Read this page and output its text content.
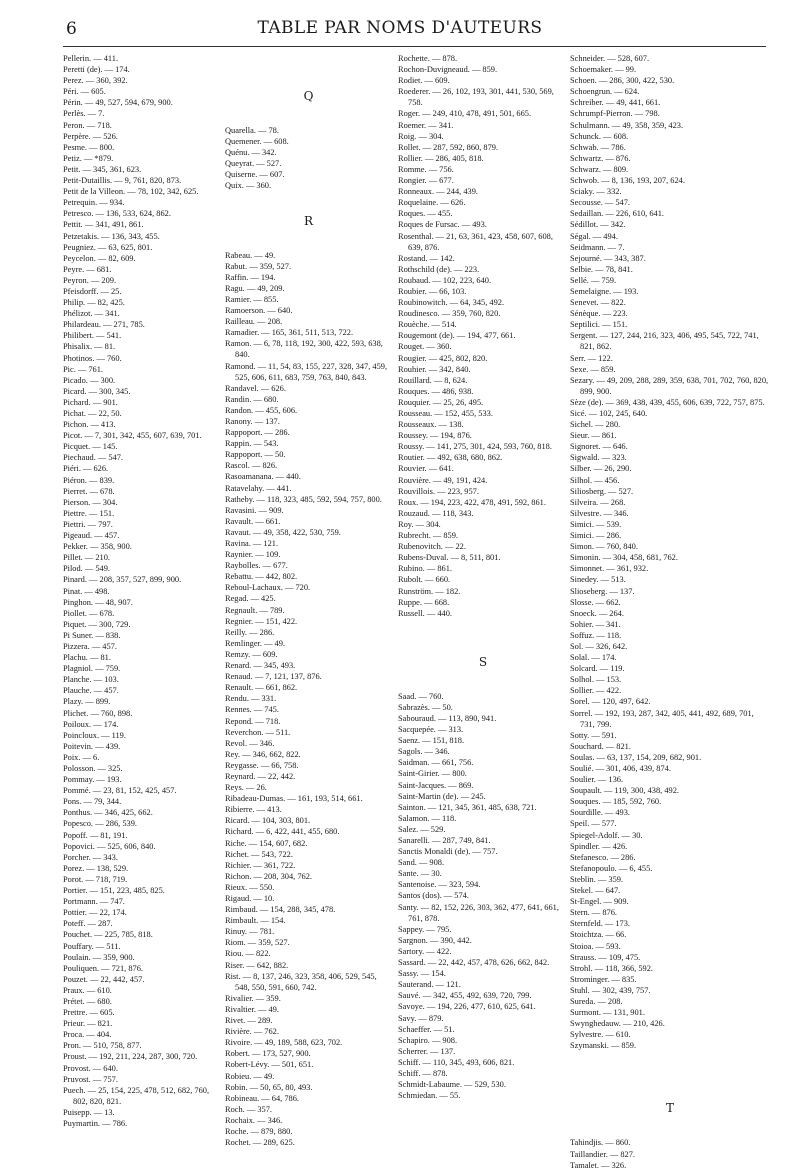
6	TABLE PAR NOMS D'AUTEURS
Pellerin. — 411.
Peretti (de). — 174.
Perez. — 360, 392.
Péri. — 605.
Périn. — 49, 527, 594, 679, 900.
Perlès. — 7.
Peron. — 718.
Perpère. — 526.
Pesme. — 800.
Petiz. — *879.
Petit. — 345, 361, 623.
Petit-Dutaillis. — 9, 761, 820, 873.
Petit de la Villeon. — 78, 102, 342, 625.
Petrequin. — 934.
Petresco. — 136, 533, 624, 862.
Pettit. — 341, 491, 861.
Petzetakis. — 136, 343, 455.
Peugniez. — 63, 625, 801.
Peycelon. — 82, 609.
Peyre. — 681.
Peyron. — 209.
Pfeisdorff. — 25.
Philip. — 82, 425.
Phélizot. — 341.
Philardeau. — 271, 785.
Philibert. — 541.
Phisalix. — 81.
Photinos. — 760.
Pic. — 761.
Picado. — 300.
Picard. — 300, 345.
Pichard. — 901.
Pichat. — 22, 50.
Pichon. — 413.
Picot. — 7, 301, 342, 455, 607, 639, 701.
Picquet. — 145.
Piechaud. — 547.
Piéri. — 626.
Piéron. — 839.
Pierret. — 678.
Pierson. — 304.
Piettre. — 151.
Piettri. — 797.
Pigeaud. — 457.
Pekker. — 358, 900.
Pillet. — 210.
Pilod. — 549.
Pinard. — 208, 357, 527, 899, 900.
Pinat. — 498.
Pinghon. — 48, 907.
Piollet. — 678.
Piquet. — 300, 729.
Pi Suner. — 838.
Pizzera. — 457.
Plachu. — 81.
Plagniol. — 759.
Planche. — 103.
Plauche. — 457.
Plazy. — 899.
Plichet. — 760, 898.
Poiloux. — 174.
Poincloux. — 119.
Poitevin. — 439.
Poix. — 6.
Polosson. — 325.
Pommay. — 193.
Pommé. — 23, 81, 152, 425, 457.
Pons. — 79, 344.
Ponthus. — 346, 425, 662.
Popesco. — 286, 539.
Popoff. — 81, 191.
Popovici. — 525, 606, 840.
Porcher. — 343.
Porez. — 138, 529.
Porot. — 718, 719.
Portier. — 151, 223, 485, 825.
Portmann. — 747.
Pottier. — 22, 174.
Poteff. — 287.
Pouchet. — 225, 785, 818.
Pouffary. — 511.
Poulain. — 359, 900.
Pouliquen. — 721, 876.
Pouzet. — 22, 442, 457.
Praux. — 610.
Prétet. — 680.
Prettre. — 605.
Prieur. — 821.
Proca. — 404.
Pron. — 510, 758, 877.
Proust. — 192, 211, 224, 287, 300, 720.
Provost. — 640.
Pruvost. — 757.
Puech. — 25, 154, 225, 478, 512, 682, 760, 802, 820, 821.
Puisepp. — 13.
Puymartin. — 786.
Q
Quarella. — 78.
Quemener. — 608.
Quénu. — 342.
Queyrat. — 527.
Quiserne. — 607.
Quix. — 360.
R
Rabeau. — 49.
Rabut. — 359, 527.
Raffin. — 194.
Ragu. — 49, 209.
Ramier. — 855.
Ramoerson. — 640.
Railleau. — 208.
Ramadier. — 165, 361, 511, 513, 722.
Ramon. — 6, 78, 118, 192, 300, 422, 593, 638, 840.
Ramond. — 11, 54, 83, 155, 227, 328, 347, 459, 525, 606, 611, 683, 759, 763, 840, 843.
Randavel. — 626.
Randin. — 680.
Randon. — 455, 606.
Ranony. — 137.
Rappoport. — 286.
Rappin. — 543.
Rappoport. — 50.
Rascol. — 826.
Rasoamanana. — 440.
Ratavelahy. — 441.
Ratheby. — 118, 323, 485, 592, 594, 757, 800.
Ravasini. — 909.
Ravault. — 661.
Ravaut. — 49, 358, 422, 530, 759.
Ravina. — 121.
Raynier. — 109.
Raybolles. — 677.
Rebattu. — 442, 802.
Reboul-Lachaux. — 720.
Regad. — 425.
Regnault. — 789.
Regnier. — 151, 422.
Reilly. — 286.
Remlinger. — 49.
Remzy. — 609.
Renard. — 345, 493.
Renaud. — 7, 121, 137, 876.
Renault. — 661, 862.
Rendu. — 331.
Rennes. — 745.
Repond. — 718.
Reverchon. — 511.
Revol. — 346.
Rey. — 346, 662, 822.
Reygasse. — 66, 758.
Reynard. — 22, 442.
Reys. — 26.
Ribadeau-Dumas. — 161, 193, 514, 661.
Ribierre. — 413.
Ricard. — 104, 303, 801.
Richard. — 6, 422, 441, 455, 680.
Riche. — 154, 607, 682.
Richet. — 543, 722.
Richier. — 361, 722.
Richon. — 208, 304, 762.
Rieux. — 550.
Rigaud. — 10.
Rimbaud. — 154, 288, 345, 478.
Rimbault. — 154.
Rinuy. — 781.
Riom. — 359, 527.
Riou. — 822.
Riser. — 642, 882.
Rist. — 8, 137, 246, 323, 358, 406, 529, 545, 548, 550, 591, 660, 742.
Rivalier. — 359.
Rivaltier. — 49.
Rivet. — 289.
Rivière. — 762.
Rivoire. — 49, 189, 588, 623, 702.
Robert. — 173, 527, 900.
Robert-Lévy. — 501, 651.
Robieu. — 49.
Robin. — 50, 65, 80, 493.
Robineau. — 64, 786.
Roch. — 357.
Rochaix. — 346.
Roche. — 879, 880.
Rochet. — 289, 625.
Rochette. — 878.
Rochon-Duvigneaud. — 859.
Rodiet. — 609.
Roederer. — 26, 102, 193, 301, 441, 530, 569, 758.
Roger. — 249, 410, 478, 491, 501, 665.
Roemer. — 341.
Roig. — 304.
Rollet. — 287, 592, 860, 879.
Rollier. — 286, 405, 818.
Romme. — 756.
Rongier. — 677.
Ronneaux. — 244, 439.
Roquelaine. — 626.
Roques. — 455.
Roques de Fursac. — 493.
Rosenthal. — 21, 63, 361, 423, 458, 607, 608, 639, 876.
Rostand. — 142.
Rothschild (de). — 223.
Roubaud. — 102, 223, 640.
Roubier. — 66, 103.
Roubinowitch. — 64, 345, 492.
Roudinesco. — 359, 760, 820.
Rouèche. — 514.
Rougemont (de). — 194, 477, 661.
Rouget. — 360.
Rougier. — 425, 802, 820.
Rouhier. — 342, 840.
Rouillard. — 8, 624.
Rouques. — 486, 938.
Rouquier. — 25, 26, 495.
Rousseau. — 152, 455, 533.
Rousseaux. — 138.
Roussey. — 194, 876.
Roussy. — 141, 275, 301, 424, 593, 760, 818.
Routier. — 492, 638, 680, 862.
Rouvier. — 641.
Rouvière. — 49, 191, 424.
Rouvillois. — 223, 957.
Roux. — 194, 223, 422, 478, 491, 592, 861.
Rouzaud. — 118, 343.
Roy. — 304.
Rubrecht. — 859.
Rubenovitch. — 22.
Rubens-Duval. — 8, 511, 801.
Rubino. — 861.
Rubolt. — 660.
Runström. — 182.
Ruppe. — 668.
Russell. — 440.
S
Saad. — 760.
Sabrazès. — 50.
Sabouraud. — 113, 890, 941.
Sacquepée. — 313.
Saenz. — 151, 818.
Sagols. — 346.
Saidman. — 661, 756.
Saint-Girier. — 800.
Saint-Jacques. — 869.
Saint-Martin (de). — 245.
Sainton. — 121, 345, 361, 485, 638, 721.
Salamon. — 118.
Salez. — 529.
Sanarelli. — 287, 749, 841.
Sanctis Monaldi (de). — 757.
Sand. — 908.
Sante. — 30.
Santenoise. — 323, 594.
Santos (dos). — 574.
Santy. — 82, 152, 226, 303, 362, 477, 641, 661, 761, 878.
Sappey. — 795.
Sargnon. — 390, 442.
Sartory. — 422.
Sassard. — 22, 442, 457, 478, 626, 662, 842.
Sassy. — 154.
Sauterand. — 121.
Sauvé. — 342, 455, 492, 639, 720, 799.
Savoye. — 194, 226, 477, 610, 625, 641.
Savy. — 879.
Schaeffer. — 51.
Schapiro. — 908.
Scherrer. — 137.
Schiff. — 110, 345, 493, 606, 821.
Schiff. — 878.
Schmidt-Labaume. — 529, 530.
Schmiedan. — 55.
Schneider. — 528, 607.
Schoemaker. — 99.
Schoen. — 286, 300, 422, 530.
Schoengrun. — 624.
Schreiber. — 49, 441, 661.
Schrumpf-Pierron. — 798.
Schulmann. — 49, 358, 359, 423.
Schunck. — 608.
Schwab. — 786.
Schwartz. — 876.
Schwarz. — 809.
Schwob. — 8, 136, 193, 207, 624.
Sciaky. — 332.
Secousse. — 547.
Sedaillan. — 226, 610, 641.
Sédillot. — 342.
Ségal. — 494.
Seidmann. — 7.
Sejourné. — 343, 387.
Selbie. — 78, 841.
Sellé. — 759.
Semelaigne. — 193.
Senevet. — 822.
Sénèque. — 223.
Septilici. — 151.
Sergent. — 127, 244, 216, 323, 406, 495, 545, 722, 741, 821, 862.
Serr. — 122.
Sexe. — 859.
Sezary. — 49, 209, 288, 289, 359, 638, 701, 702, 760, 820, 899, 900.
Sèze (de). — 369, 438, 439, 455, 606, 639, 722, 757, 875.
Sicé. — 102, 245, 640.
Sichel. — 280.
Sieur. — 861.
Signoret. — 646.
Sigwald. — 323.
Silber. — 26, 290.
Silhol. — 456.
Siliosberg. — 527.
Silveira. — 268.
Silvestre. — 346.
Simici. — 539.
Simici. — 286.
Simon. — 760, 840.
Simonin. — 304, 458, 681, 762.
Simonnet. — 361, 932.
Sinedey. — 513.
Slioseberg. — 137.
Slosse. — 662.
Snoeck. — 264.
Sohier. — 341.
Soffuz. — 118.
Sol. — 326, 642.
Solal. — 174.
Solcard. — 119.
Solhol. — 153.
Sollier. — 422.
Sorel. — 120, 497, 642.
Sorrel. — 192, 193, 287, 342, 405, 441, 492, 689, 701, 731, 799.
Sotty. — 591.
Souchard. — 821.
Soulas. — 63, 137, 154, 209, 682, 901.
Soulié. — 301, 406, 439, 874.
Soulier. — 136.
Soupault. — 119, 300, 438, 492.
Souques. — 185, 592, 760.
Sourdille. — 493.
Speil. — 577.
Spiegel-Adolf. — 30.
Spindler. — 426.
Stefanesco. — 286.
Stefanopoulo. — 6, 455.
Steblin. — 359.
Stekel. — 647.
St-Engel. — 909.
Stern. — 876.
Sternfeld. — 173.
Stoichtza. — 66.
Stoioa. — 593.
Strauss. — 109, 475.
Strohl. — 118, 366, 592.
Strominger. — 835.
Stuhl. — 302, 439, 757.
Sureda. — 208.
Surmont. — 131, 901.
Swynghedauw. — 210, 426.
Sylvestre. — 610.
Szymanski. — 859.
T
Tahindjis. — 860.
Taillandier. — 827.
Tamalet. — 326.
